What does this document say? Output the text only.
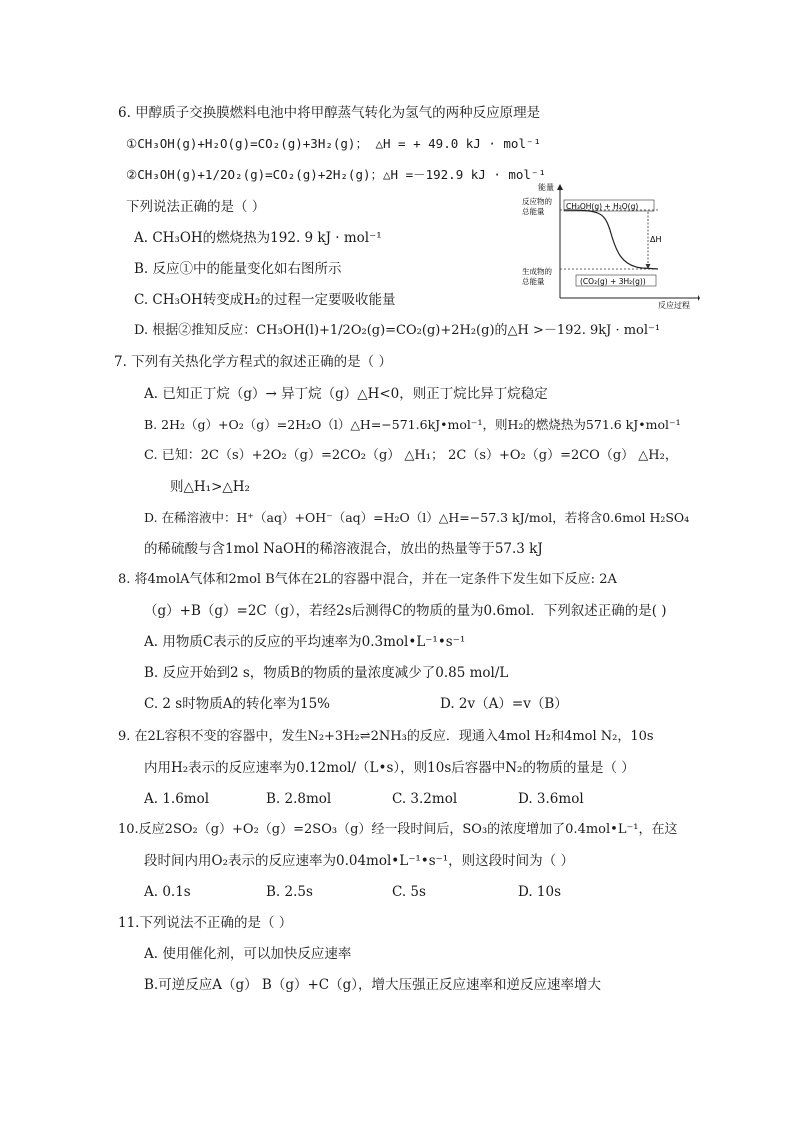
6. 甲醇质子交换膜燃料电池中将甲醇蒸气转化为氢气的两种反应原理是
①CH₃OH(g)+H₂O(g)=CO₂(g)+3H₂(g)； △H = + 49.0 kJ · mol⁻¹
②CH₃OH(g)+1/2O₂(g)=CO₂(g)+2H₂(g)；△H =－192.9 kJ · mol⁻¹
下列说法正确的是（ ）
A. CH₃OH的燃烧热为192. 9 kJ · mol⁻¹
B. 反应①中的能量变化如右图所示
C. CH₃OH转变成H₂的过程一定要吸收能量
D. 根据②推知反应：CH₃OH(l)+1/2O₂(g)=CO₂(g)+2H₂(g)的△H >－192. 9kJ · mol⁻¹
能量
反应过程
反应物的
总能量
生成物的
总能量
CH₃OH(g) + H₂O(g)
ΔH
(CO₂(g) + 3H₂(g))
7. 下列有关热化学方程式的叙述正确的是（ ）
A. 已知正丁烷（g）→ 异丁烷（g）△H<0，则正丁烷比异丁烷稳定
B. 2H₂（g）+O₂（g）=2H₂O（l）△H=−571.6kJ•mol⁻¹，则H₂的燃烧热为571.6 kJ•mol⁻¹
C. 已知：2C（s）+2O₂（g）=2CO₂（g） △H₁； 2C（s）+O₂（g）=2CO（g） △H₂，
则△H₁>△H₂
D. 在稀溶液中：H⁺（aq）+OH⁻（aq）=H₂O（l）△H=−57.3 kJ/mol，若将含0.6mol H₂SO₄
的稀硫酸与含1mol NaOH的稀溶液混合，放出的热量等于57.3 kJ
8. 将4molA气体和2mol B气体在2L的容器中混合，并在一定条件下发生如下反应: 2A
（g）+B（g）=2C（g），若经2s后测得C的物质的量为0.6mol．下列叙述正确的是( )
A. 用物质C表示的反应的平均速率为0.3mol•L⁻¹•s⁻¹
B. 反应开始到2 s，物质B的物质的量浓度减少了0.85 mol/L
C. 2 s时物质A的转化率为15%	D. 2v（A）=v（B）
9. 在2L容积不变的容器中，发生N₂+3H₂⇌2NH₃的反应．现通入4mol H₂和4mol N₂，10s
内用H₂表示的反应速率为0.12mol/（L•s），则10s后容器中N₂的物质的量是（ ）
A. 1.6mol	B. 2.8mol	C. 3.2mol	D. 3.6mol
10.反应2SO₂（g）+O₂（g）=2SO₃（g）经一段时间后，SO₃的浓度增加了0.4mol•L⁻¹，在这
段时间内用O₂表示的反应速率为0.04mol•L⁻¹•s⁻¹，则这段时间为（ ）
A. 0.1s	B. 2.5s	C. 5s	D. 10s
11.下列说法不正确的是（ ）
A. 使用催化剂，可以加快反应速率
B.可逆反应A（g） B（g）+C（g），增大压强正反应速率和逆反应速率增大
